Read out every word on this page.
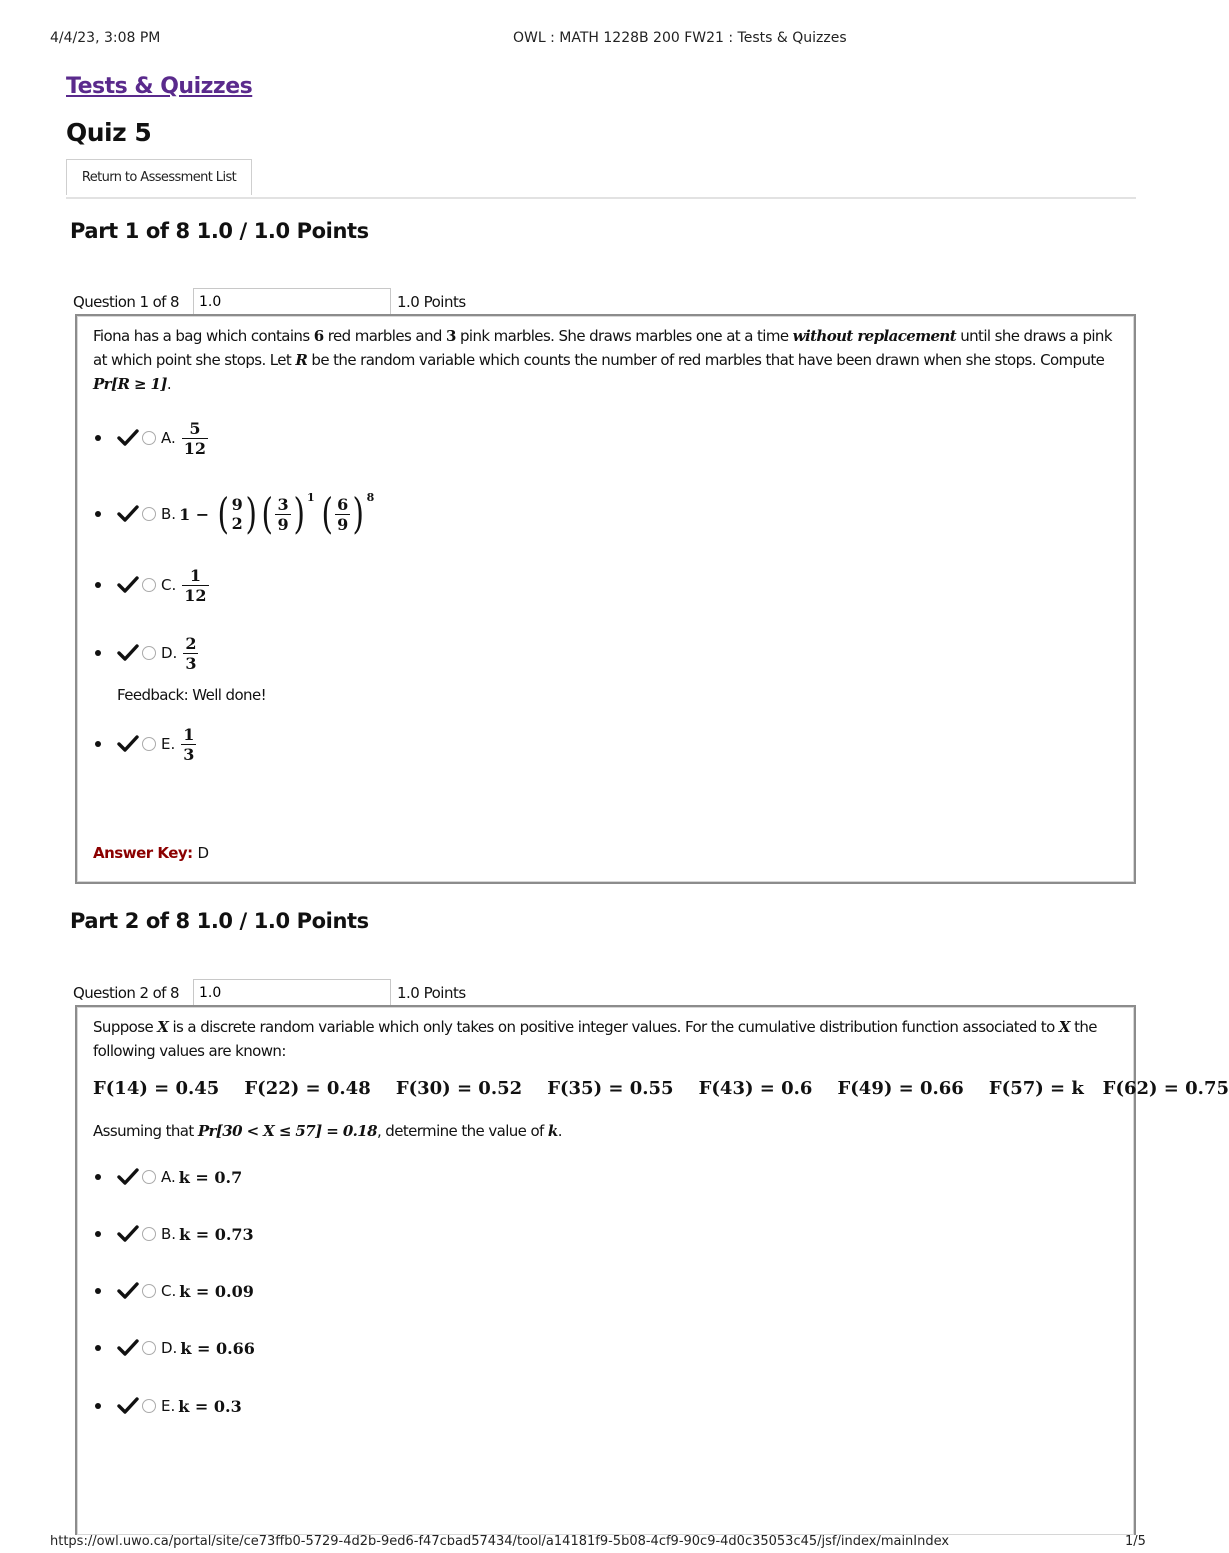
4/4/23, 3:08 PM	OWL : MATH 1228B 200 FW21 : Tests & Quizzes
Tests & Quizzes
Quiz 5
Return to Assessment List
Part 1 of 8 1.0 / 1.0 Points
Question 1 of 8
1.0	1.0 Points
Fiona has a bag which contains 6 red marbles and 3 pink marbles. She draws marbles one at a time without replacement until she draws a pink at which point she stops. Let R be the random variable which counts the number of red marbles that have been drawn when she stops. Compute Pr[R ≥ 1].
A. $\frac{5}{12}$
B. 1 − ( 9
2 ) ( $\frac{3}{9} )^1$ ( $\frac{6}{9} )^8$
C. $\frac{1}{12}$
D. $\frac{2}{3}$
Feedback: Well done!
E. $\frac{1}{3}$
Answer Key: D
Part 2 of 8 1.0 / 1.0 Points
Question 2 of 8
1.0	1.0 Points
Suppose X is a discrete random variable which only takes on positive integer values. For the cumulative distribution function associated to X the following values are known:
F(14) = 0.45 F(22) = 0.48 F(30) = 0.52 F(35) = 0.55 F(43) = 0.6 F(49) = 0.66 F(57) = k F(62) = 0.75
Assuming that Pr[30 < X ≤ 57] = 0.18, determine the value of k.
A. k = 0.7
B. k = 0.73
C. k = 0.09
D. k = 0.66
E. k = 0.3
https://owl.uwo.ca/portal/site/ce73ffb0-5729-4d2b-9ed6-f47cbad57434/tool/a14181f9-5b08-4cf9-90c9-4d0c35053c45/jsf/index/mainIndex	1/5
